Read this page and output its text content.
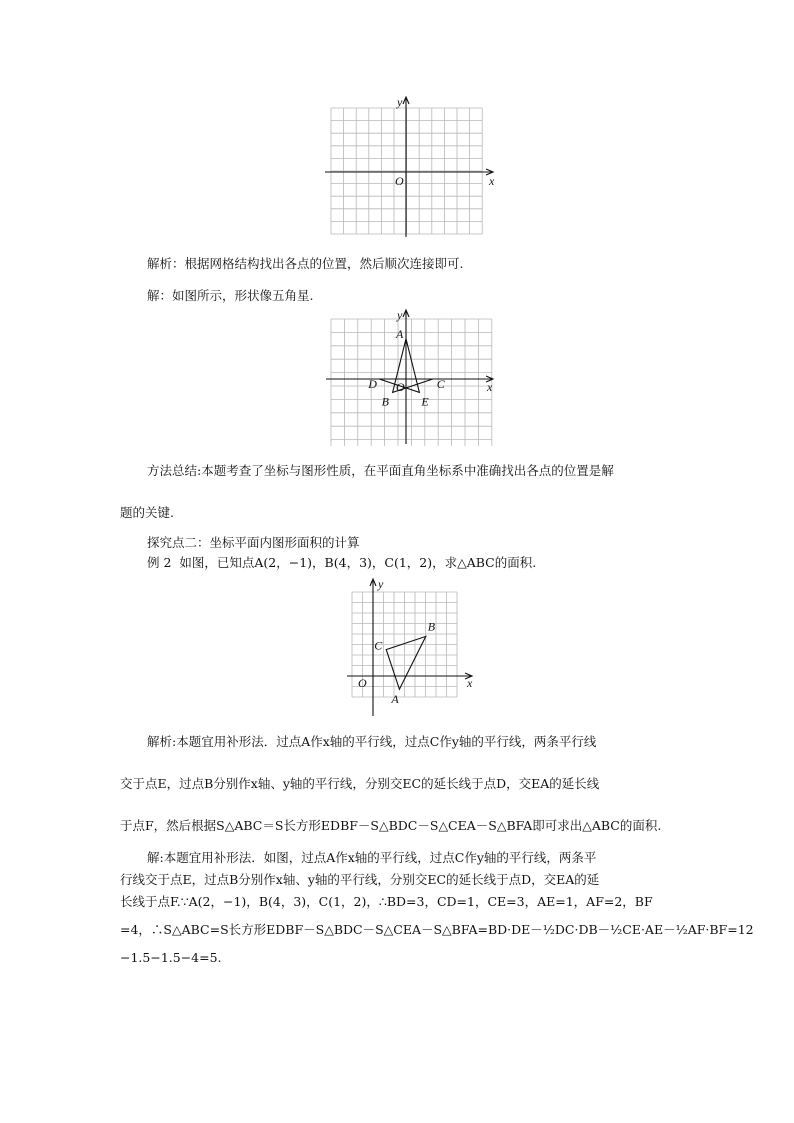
y
x
O
解析：根据网格结构找出各点的位置，然后顺次连接即可.
解：如图所示，形状像五角星.
A
B
C
D
E
y
x
O
方法总结:本题考查了坐标与图形性质，在平面直角坐标系中准确找出各点的位置是解
题的关键.
探究点二：坐标平面内图形面积的计算
例 2 如图，已知点A(2，−1)，B(4，3)，C(1，2)，求△ABC的面积.
A
B
C
y
x
O
解析:本题宜用补形法．过点A作x轴的平行线，过点C作y轴的平行线，两条平行线
交于点E，过点B分别作x轴、y轴的平行线，分别交EC的延长线于点D，交EA的延长线
于点F，然后根据S△ABC＝S长方形EDBF－S△BDC－S△CEA－S△BFA即可求出△ABC的面积.
解:本题宜用补形法．如图，过点A作x轴的平行线，过点C作y轴的平行线，两条平
行线交于点E，过点B分别作x轴、y轴的平行线，分别交EC的延长线于点D，交EA的延
长线于点F.∵A(2，−1)，B(4，3)，C(1，2)，∴BD=3，CD=1，CE=3，AE=1，AF=2，BF
=4，∴S△ABC=S长方形EDBF－S△BDC－S△CEA－S△BFA=BD·DE－½DC·DB－½CE·AE－½AF·BF=12
−1.5−1.5−4=5.
